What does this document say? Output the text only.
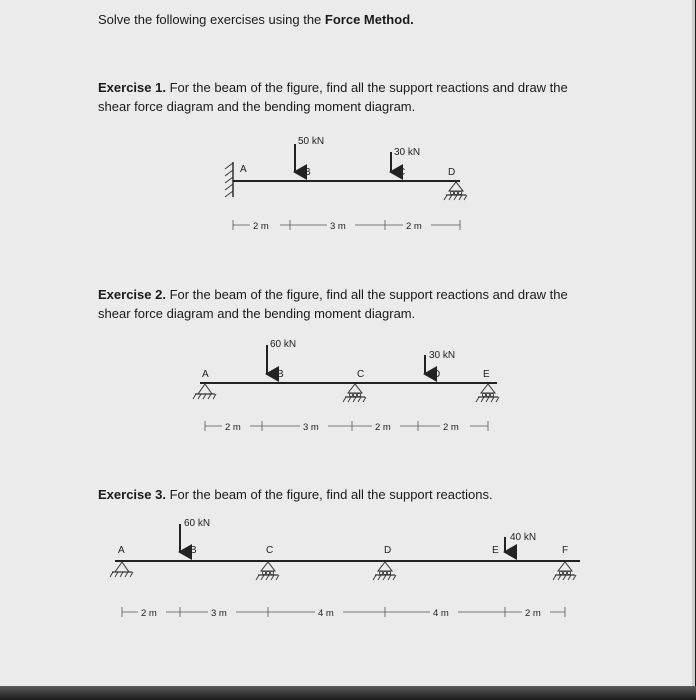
Solve the following exercises using the Force Method.
Exercise 1. For the beam of the figure, find all the support reactions and draw the
shear force diagram and the bending moment diagram.
Exercise 2. For the beam of the figure, find all the support reactions and draw the
shear force diagram and the bending moment diagram.
Exercise 3. For the beam of the figure, find all the support reactions.
50 kN
30 kN
A	B	C	D
2 m	3 m	2 m
60 kN
30 kN
A	B	C	D	E
2 m	3 m	2 m	2 m
60 kN
40 kN
A	B	C	D	E	F
2 m	3 m	4 m	4 m	2 m
